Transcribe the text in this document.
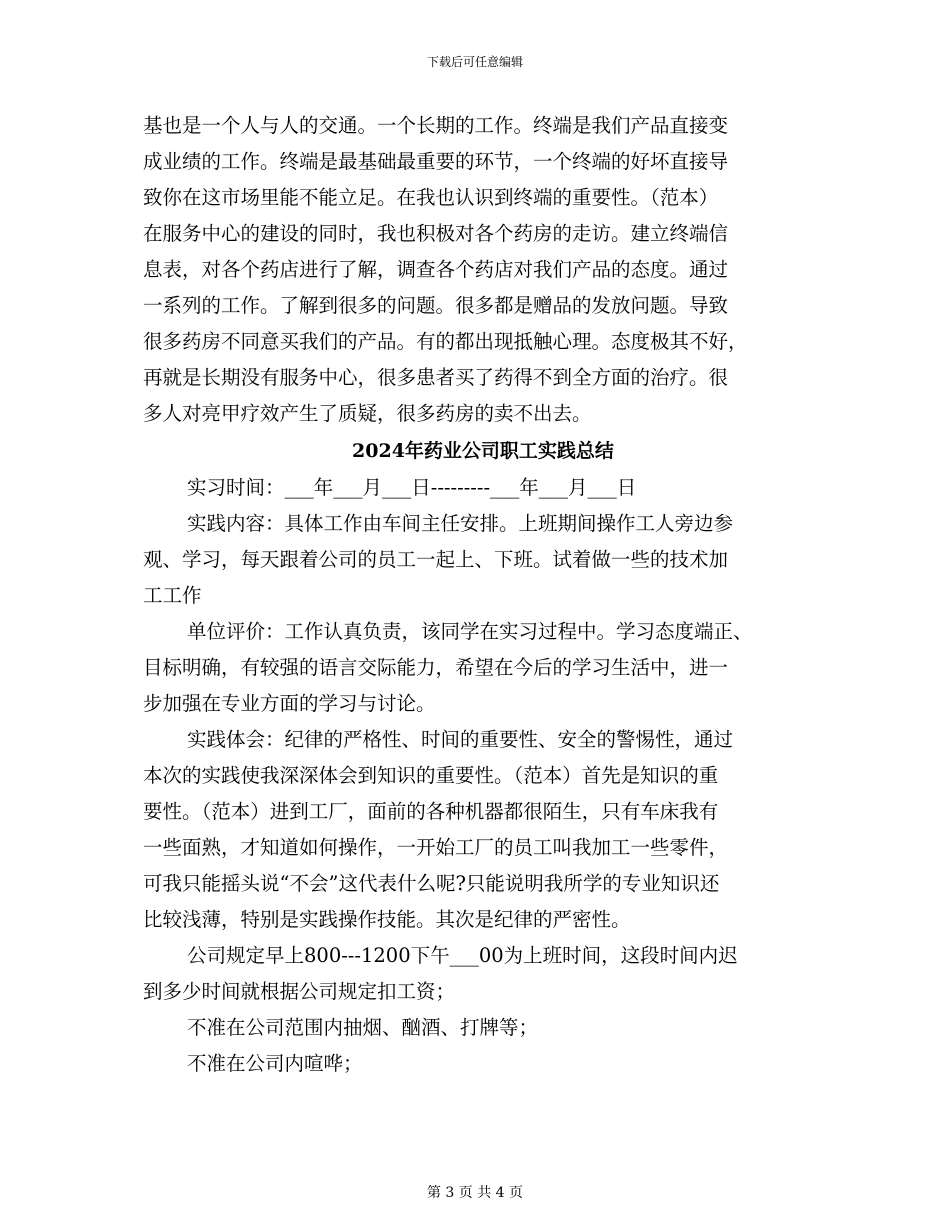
下载后可任意编辑
基也是一个人与人的交通。一个长期的工作。终端是我们产品直接变
成业绩的工作。终端是最基础最重要的环节，一个终端的好坏直接导
致你在这市场里能不能立足。在我也认识到终端的重要性。（范本）
在服务中心的建设的同时，我也积极对各个药房的走访。建立终端信
息表，对各个药店进行了解，调查各个药店对我们产品的态度。通过
一系列的工作。了解到很多的问题。很多都是赠品的发放问题。导致
很多药房不同意买我们的产品。有的都出现抵触心理。态度极其不好，
再就是长期没有服务中心，很多患者买了药得不到全方面的治疗。很
多人对亮甲疗效产生了质疑，很多药房的卖不出去。
2024年药业公司职工实践总结
实习时间：___年___月___日---------___年___月___日
实践内容：具体工作由车间主任安排。上班期间操作工人旁边参
观、学习，每天跟着公司的员工一起上、下班。试着做一些的技术加
工工作
单位评价：工作认真负责，该同学在实习过程中。学习态度端正、
目标明确，有较强的语言交际能力，希望在今后的学习生活中，进一
步加强在专业方面的学习与讨论。
实践体会：纪律的严格性、时间的重要性、安全的警惕性，通过
本次的实践使我深深体会到知识的重要性。（范本）首先是知识的重
要性。（范本）进到工厂，面前的各种机器都很陌生，只有车床我有
一些面熟，才知道如何操作，一开始工厂的员工叫我加工一些零件，
可我只能摇头说“不会”这代表什么呢?只能说明我所学的专业知识还
比较浅薄，特别是实践操作技能。其次是纪律的严密性。
公司规定早上800---1200下午___00为上班时间，这段时间内迟
到多少时间就根据公司规定扣工资；
不准在公司范围内抽烟、酗酒、打牌等；
不准在公司内喧哗；
第 3 页 共 4 页
